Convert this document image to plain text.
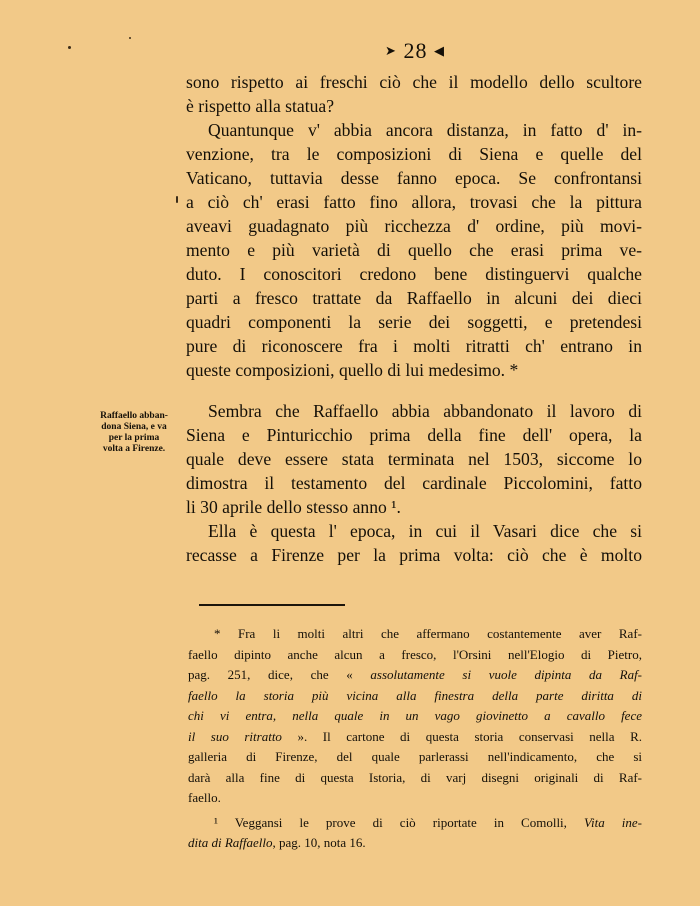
➤ 28 ◀

sono rispetto ai freschi ciò che il modello dello scultore

è rispetto alla statua?

Quantunque v' abbia ancora distanza, in fatto d' in-

venzione, tra le composizioni di Siena e quelle del

Vaticano, tuttavia desse fanno epoca. Se confrontansi

a ciò ch' erasi fatto fino allora, trovasi che la pittura

aveavi guadagnato più ricchezza d' ordine, più movi-

mento e più varietà di quello che erasi prima ve-

duto. I conoscitori credono bene distinguervi qualche

parti a fresco trattate da Raffaello in alcuni dei dieci

quadri componenti la serie dei soggetti, e pretendesi

pure di riconoscere fra i molti ritratti ch' entrano in

queste composizioni, quello di lui medesimo. *

Sembra che Raffaello abbia abbandonato il lavoro di

Siena e Pinturicchio prima della fine dell' opera, la

quale deve essere stata terminata nel 1503, siccome lo

dimostra il testamento del cardinale Piccolomini, fatto

li 30 aprile dello stesso anno ¹.

Ella è questa l' epoca, in cui il Vasari dice che si

recasse a Firenze per la prima volta: ciò che è molto

Raffaello abban-
dona Siena, e va
per la prima
volta a Firenze.

* Fra li molti altri che affermano costantemente aver Raf-

faello dipinto anche alcun a fresco, l'Orsini nell'Elogio di Pietro,

pag. 251, dice, che « assolutamente si vuole dipinta da Raf-

faello la storia più vicina alla finestra della parte diritta di

chi vi entra, nella quale in un vago giovinetto a cavallo fece

il suo ritratto ». Il cartone di questa storia conservasi nella R.

galleria di Firenze, del quale parlerassi nell'indicamento, che si

darà alla fine di questa Istoria, di varj disegni originali di Raf-

faello.

¹ Veggansi le prove di ciò riportate in Comolli, Vita ine-

dita di Raffaello, pag. 10, nota 16.
